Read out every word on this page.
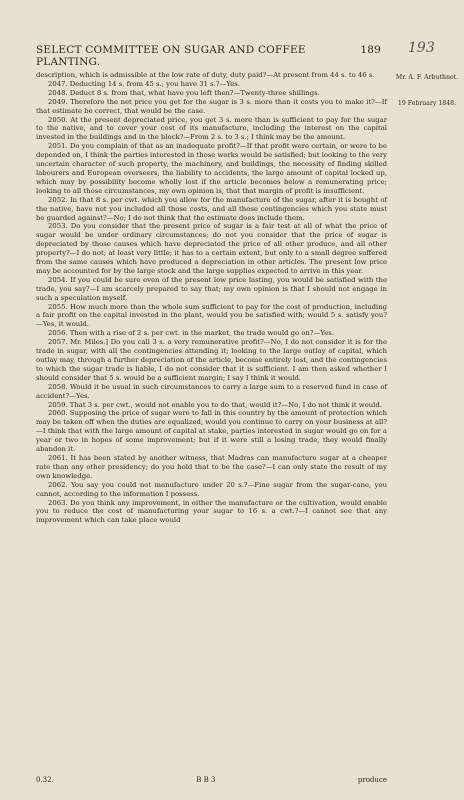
SELECT COMMITTEE ON SUGAR AND COFFEE PLANTING.
189 193
Mr. A. F. Arbuthnot.
19 February 1848.

description, which is admissible at the low rate of duty, duty paid?—At present from 44 s. to 46 s.

2047. Deducting 14 s. from 45 s., you have 31 s.?—Yes.

2048. Deduct 8 s. from that, what have you left then?—Twenty-three shillings.

2049. Therefore the net price you get for the sugar is 3 s. more than it costs you to make it?—If that estimate be correct, that would be the case.

2050. At the present depreciated price, you get 3 s. more than is sufficient to pay for the sugar to the native, and to cover your cost of its manufacture, including the interest on the capital invested in the buildings and in the block?—From 2 s. to 3 s.; I think may be the amount.

2051. Do you complain of that as an inadequate profit?—If that profit were certain, or were to be depended on, I think the parties interested in those works would be satisfied; but looking to the very uncertain character of such property, the machinery, and buildings, the necessity of finding skilled labourers and European overseers, the liability to accidents, the large amount of capital locked up, which may by possibility become wholly lost if the article becomes below a remunerating price; looking to all those circumstances, my own opinion is, that that margin of profit is insufficient.

2052. In that 8 s. per cwt. which you allow for the manufacture of the sugar, after it is bought of the native, have not you included all those costs, and all those contingencies which you state must be guarded against?—No; I do not think that the estimate does include them.

2053. Do you consider that the present price of sugar is a fair test at all of what the price of sugar would be under ordinary circumstances; do not you consider that the price of sugar is depreciated by those causes which have depreciated the price of all other produce, and all other property?—I do not; at least very little; it has to a certain extent, but only to a small degree suffered from the same causes which have produced a depreciation in other articles. The present low price may be accounted for by the large stock and the large supplies expected to arrive in this year.

2054. If you could be sure even of the present low price lasting, you would be satisfied with the trade, you say?—I am scarcely prepared to say that; my own opinion is that I should not engage in such a speculation myself.

2055. How much more than the whole sum sufficient to pay for the cost of production, including a fair profit on the capital invested in the plant, would you be satisfied with; would 5 s. satisfy you?—Yes, it would.

2056. Then with a rise of 2 s. per cwt. in the market, the trade would go on?—Yes.

2057. Mr. Miles.] Do you call 3 s. a very remunerative profit?—No, I do not consider it is for the trade in sugar, with all the contingencies attending it; looking to the large outlay of capital, which outlay may, through a further depreciation of the article, become entirely lost, and the contingencies to which the sugar trade is liable, I do not consider that it is sufficient. I am then asked whether I should consider that 5 s. would be a sufficient margin; I say I think it would.

2058. Would it be usual in such circumstances to carry a large sum to a reserved fund in case of accident?—Yes.

2059. That 3 s. per cwt., would not enable you to do that, would it?—No, I do not think it would.

2060. Supposing the price of sugar were to fall in this country by the amount of protection which may be taken off when the duties are equalized, would you continue to carry on your business at all?—I think that with the large amount of capital at stake, parties interested in sugar would go on for a year or two in hopes of some improvement; but if it were still a losing trade, they would finally abandon it.

2061. It has been stated by another witness, that Madras can manufacture sugar at a cheaper rate than any other presidency; do you hold that to be the case?—I can only state the result of my own knowledge.

2062. You say you could not manufacture under 20 s.?—Fine sugar from the sugar-cane, you cannot, according to the information I possess.

2063. Do you think any improvement, in either the manufacture or the cultivation, would enable you to reduce the cost of manufacturing your sugar to 16 s. a cwt.?—I cannot see that any improvement which can take place would

0.32.	B B 3	produce
